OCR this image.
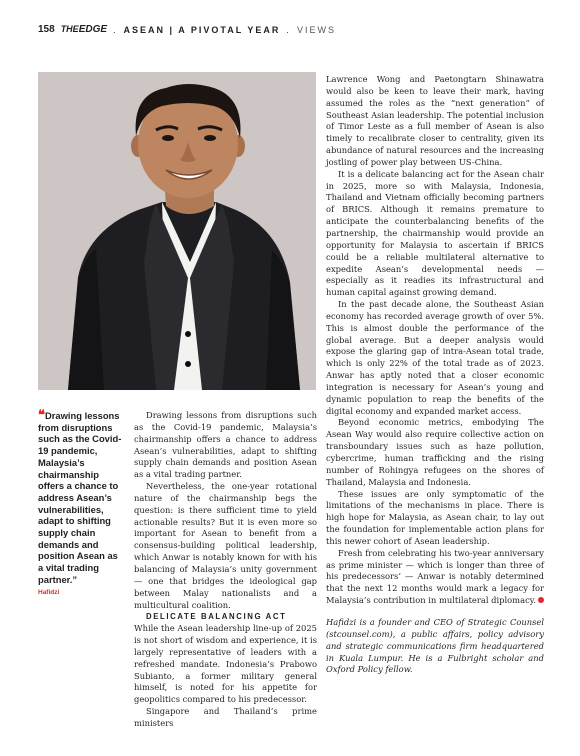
158 THEEDGE . ASEAN | A PIVOTAL YEAR . VIEWS

❝Drawing lessons from disruptions such as the Covid-19 pandemic, Malaysia’s chairmanship offers a chance to address Asean’s vulnerabilities, adapt to shifting supply chain demands and position Asean as a vital trading partner.”

Hafidzi

Drawing lessons from disruptions such as the Covid-19 pandemic, Malaysia’s chairmanship offers a chance to address Asean’s vulnerabilities, adapt to shifting supply chain demands and position Asean as a vital trading partner.

Nevertheless, the one-year rotational nature of the chairmanship begs the question: is there sufficient time to yield actionable results? But it is even more so important for Asean to benefit from a consensus-building political leadership, which Anwar is notably known for with his balancing of Malaysia’s unity government — one that bridges the ideological gap between Malay nationalists and a multicultural coalition.

DELICATE BALANCING ACT

While the Asean leadership line-up of 2025 is not short of wisdom and experience, it is largely representative of leaders with a refreshed mandate. Indonesia’s Prabowo Subianto, a former military general himself, is noted for his appetite for geopolitics compared to his predecessor.

Singapore and Thailand’s prime ministers

Lawrence Wong and Paetongtarn Shinawatra would also be keen to leave their mark, having assumed the roles as the “next generation” of Southeast Asian leadership. The potential inclusion of Timor Leste as a full member of Asean is also timely to recalibrate closer to centrality, given its abundance of natural resources and the increasing jostling of power play between US-China.

It is a delicate balancing act for the Asean chair in 2025, more so with Malaysia, Indonesia, Thailand and Vietnam officially becoming partners of BRICS. Although it remains premature to anticipate the counterbalancing benefits of the partnership, the chairmanship would provide an opportunity for Malaysia to ascertain if BRICS could be a reliable multilateral alternative to expedite Asean’s developmental needs — especially as it readies its infrastructural and human capital against growing demand.

In the past decade alone, the Southeast Asian economy has recorded average growth of over 5%. This is almost double the performance of the global average. But a deeper analysis would expose the glaring gap of intra-Asean total trade, which is only 22% of the total trade as of 2023. Anwar has aptly noted that a closer economic integration is necessary for Asean’s young and dynamic population to reap the benefits of the digital economy and expanded market access.

Beyond economic metrics, embodying The Asean Way would also require collective action on transboundary issues such as haze pollution, cybercrime, human trafficking and the rising number of Rohingya refugees on the shores of Thailand, Malaysia and Indonesia.

These issues are only symptomatic of the limitations of the mechanisms in place. There is high hope for Malaysia, as Asean chair, to lay out the foundation for implementable action plans for this newer cohort of Asean leadership.

Fresh from celebrating his two-year anniversary as prime minister — which is longer than three of his predecessors’ — Anwar is notably determined that the next 12 months would mark a legacy for Malaysia’s contribution in multilateral diplomacy.

Hafidzi is a founder and CEO of Strategic Counsel (stcounsel.com), a public affairs, policy advisory and strategic communications firm headquartered in Kuala Lumpur. He is a Fulbright scholar and Oxford Policy fellow.
